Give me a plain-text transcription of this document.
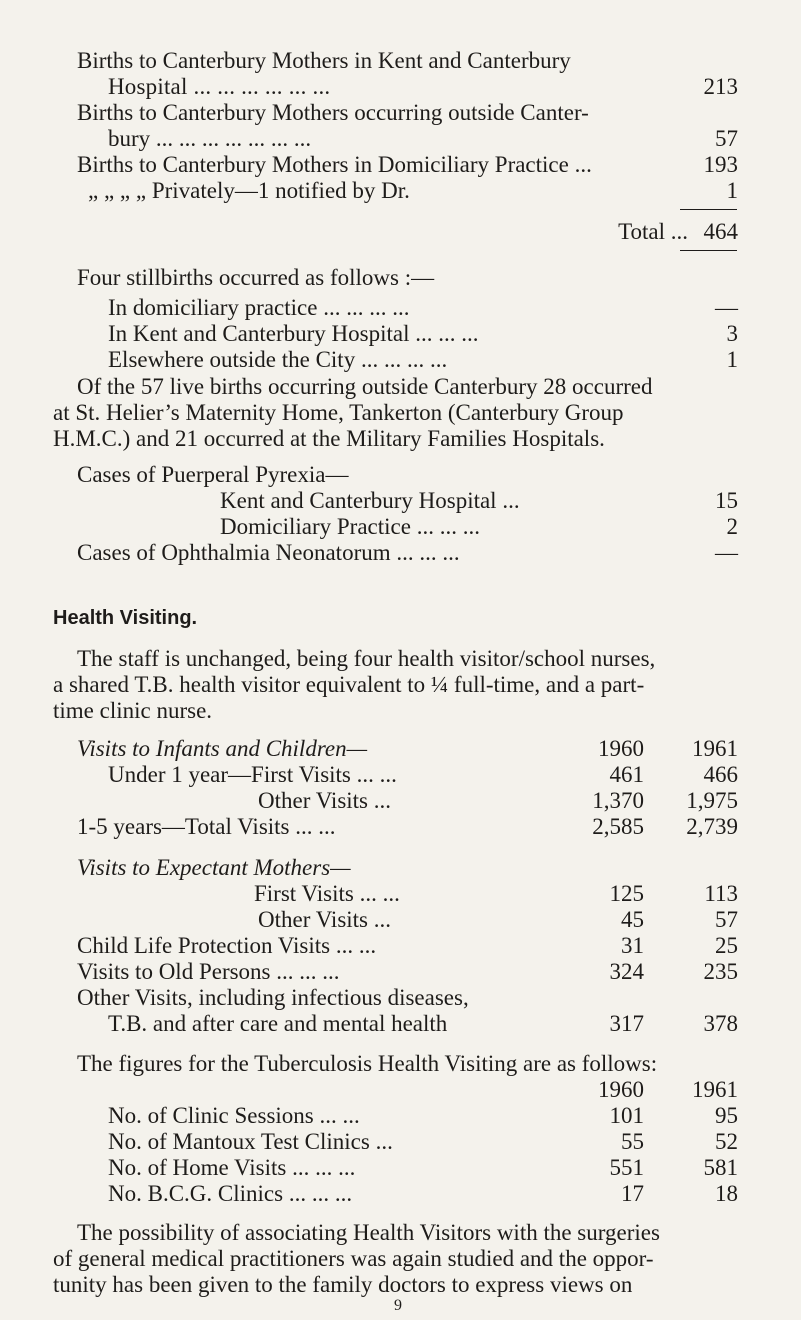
Births to Canterbury Mothers in Kent and Canterbury
Hospital ... ... ... ... ... ...	213
Births to Canterbury Mothers occurring outside Canter-
bury ... ... ... ... ... ... ...	57
Births to Canterbury Mothers in Domiciliary Practice ...	193
„ „ „ „ Privately—1 notified by Dr.	1
Total ... 464
Four stillbirths occurred as follows :—
In domiciliary practice ... ... ... ...	—
In Kent and Canterbury Hospital ... ... ...	3
Elsewhere outside the City ... ... ... ...	1
Of the 57 live births occurring outside Canterbury 28 occurred
at St. Helier’s Maternity Home, Tankerton (Canterbury Group
H.M.C.) and 21 occurred at the Military Families Hospitals.
Cases of Puerperal Pyrexia—
Kent and Canterbury Hospital ...	15
Domiciliary Practice ... ... ...	2
Cases of Ophthalmia Neonatorum ... ... ...	—
Health Visiting.
The staff is unchanged, being four health visitor/school nurses,
a shared T.B. health visitor equivalent to ¼ full-time, and a part-
time clinic nurse.
Visits to Infants and Children—	1960 1961
Under 1 year—First Visits ... ...	461	466
Other Visits ...	1,370 1,975
1-5 years—Total Visits ... ...	2,585 2,739
Visits to Expectant Mothers—
First Visits ... ...	125	113
Other Visits ...	45	57
Child Life Protection Visits ... ...	31	25
Visits to Old Persons ... ... ...	324	235
Other Visits, including infectious diseases,
T.B. and after care and mental health	317	378
The figures for the Tuberculosis Health Visiting are as follows:
1960 1961
No. of Clinic Sessions ... ...	101	95
No. of Mantoux Test Clinics ...	55	52
No. of Home Visits ... ... ...	551	581
No. B.C.G. Clinics ... ... ...	17	18
The possibility of associating Health Visitors with the surgeries
of general medical practitioners was again studied and the oppor-
tunity has been given to the family doctors to express views on
9
